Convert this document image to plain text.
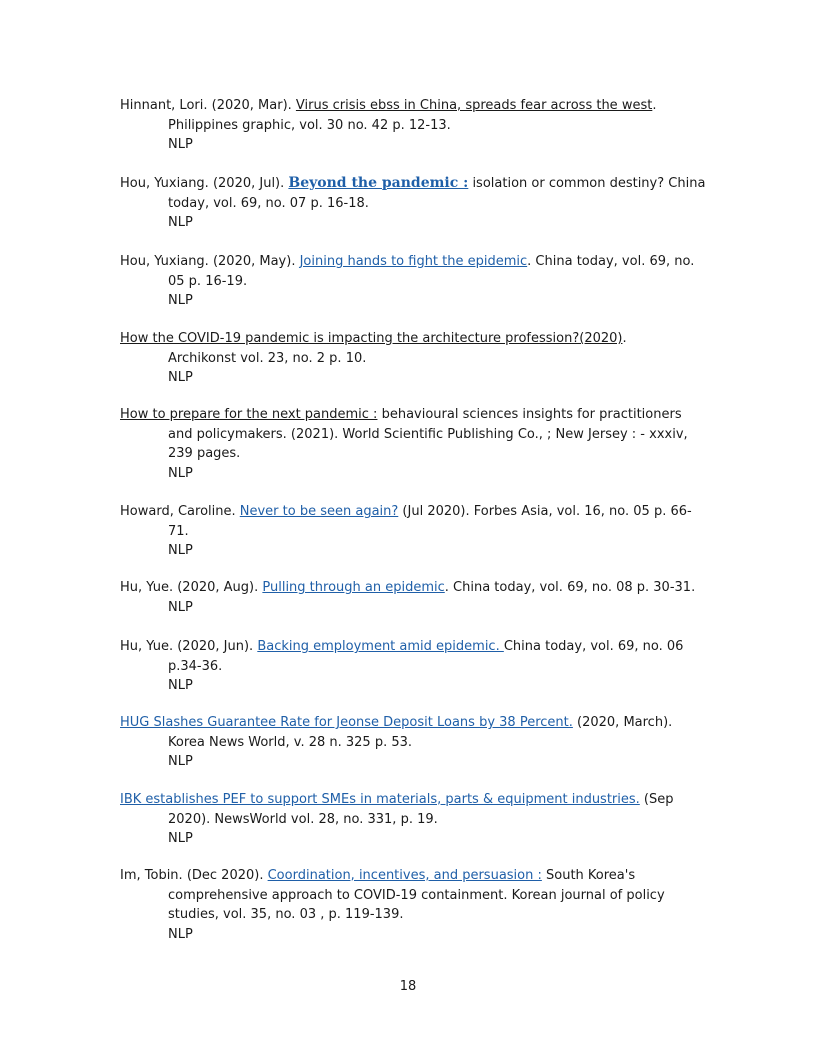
Hinnant, Lori. (2020, Mar). Virus crisis ebss in China, spreads fear across the west.
Philippines graphic, vol. 30 no. 42 p. 12-13.
NLP
Hou, Yuxiang. (2020, Jul). Beyond the pandemic : isolation or common destiny? China
today, vol. 69, no. 07 p. 16-18.
NLP
Hou, Yuxiang. (2020, May). Joining hands to fight the epidemic. China today, vol. 69, no.
05 p. 16-19.
NLP
How the COVID-19 pandemic is impacting the architecture profession?(2020).
Archikonst vol. 23, no. 2 p. 10.
NLP
How to prepare for the next pandemic : behavioural sciences insights for practitioners
and policymakers. (2021). World Scientific Publishing Co., ; New Jersey : - xxxiv,
239 pages.
NLP
Howard, Caroline. Never to be seen again? (Jul 2020). Forbes Asia, vol. 16, no. 05 p. 66-
71.
NLP
Hu, Yue. (2020, Aug). Pulling through an epidemic. China today, vol. 69, no. 08 p. 30-31.
NLP
Hu, Yue. (2020, Jun). Backing employment amid epidemic. China today, vol. 69, no. 06
p.34-36.
NLP
HUG Slashes Guarantee Rate for Jeonse Deposit Loans by 38 Percent. (2020, March).
Korea News World, v. 28 n. 325 p. 53.
NLP
IBK establishes PEF to support SMEs in materials, parts & equipment industries. (Sep
2020). NewsWorld vol. 28, no. 331, p. 19.
NLP
Im, Tobin. (Dec 2020). Coordination, incentives, and persuasion : South Korea's
comprehensive approach to COVID-19 containment. Korean journal of policy
studies, vol. 35, no. 03 , p. 119-139.
NLP
18
